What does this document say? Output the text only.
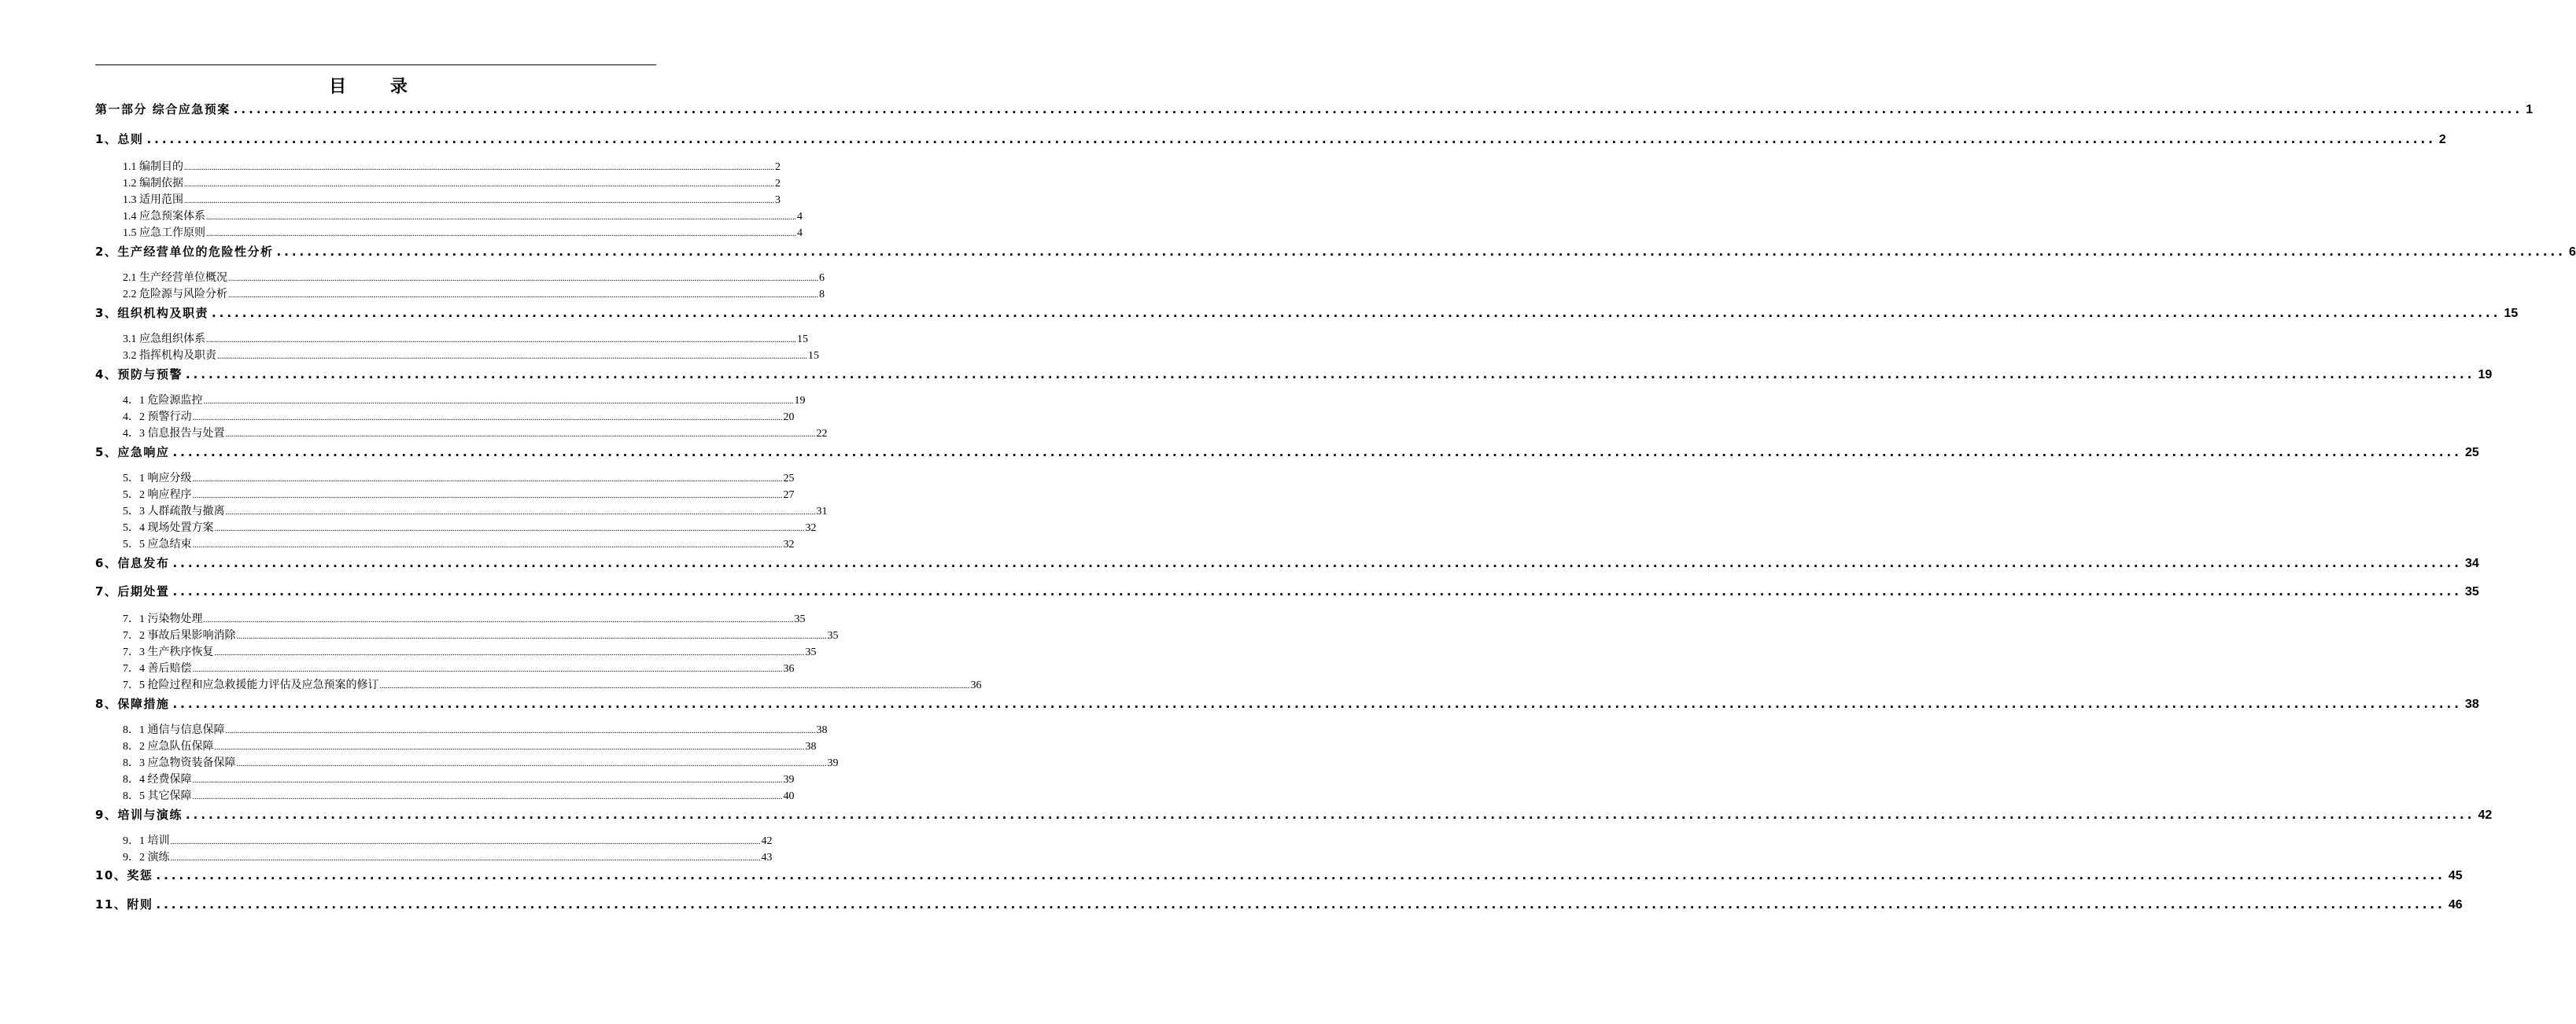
目 录
第一部分 综合应急预案 ............................................................................................................................................................................................................................................................................................................ 1
1、总则 ............................................................................................................................................................................................................................................................................................................ 2
1.1 编制目的 ............................................................................................................................................................................................................................................................................................................ 2
1.2 编制依据 ............................................................................................................................................................................................................................................................................................................ 2
1.3 适用范围 ............................................................................................................................................................................................................................................................................................................ 3
1.4 应急预案体系 ............................................................................................................................................................................................................................................................................................................ 4
1.5 应急工作原则 ............................................................................................................................................................................................................................................................................................................ 4
2、生产经营单位的危险性分析 ............................................................................................................................................................................................................................................................................................................ 6
2.1 生产经营单位概况 ............................................................................................................................................................................................................................................................................................................ 6
2.2 危险源与风险分析 ............................................................................................................................................................................................................................................................................................................ 8
3、组织机构及职责 ............................................................................................................................................................................................................................................................................................................ 15
3.1 应急组织体系 ............................................................................................................................................................................................................................................................................................................ 15
3.2 指挥机构及职责 ............................................................................................................................................................................................................................................................................................................ 15
4、预防与预警 ............................................................................................................................................................................................................................................................................................................ 19
4．1 危险源监控 ............................................................................................................................................................................................................................................................................................................ 19
4．2 预警行动 ............................................................................................................................................................................................................................................................................................................ 20
4．3 信息报告与处置 ............................................................................................................................................................................................................................................................................................................ 22
5、应急响应 ............................................................................................................................................................................................................................................................................................................ 25
5．1 响应分级 ............................................................................................................................................................................................................................................................................................................ 25
5．2 响应程序 ............................................................................................................................................................................................................................................................................................................ 27
5．3 人群疏散与撤离 ............................................................................................................................................................................................................................................................................................................ 31
5．4 现场处置方案 ............................................................................................................................................................................................................................................................................................................ 32
5．5 应急结束 ............................................................................................................................................................................................................................................................................................................ 32
6、信息发布 ............................................................................................................................................................................................................................................................................................................ 34
7、后期处置 ............................................................................................................................................................................................................................................................................................................ 35
7．1 污染物处理 ............................................................................................................................................................................................................................................................................................................ 35
7．2 事故后果影响消除 ............................................................................................................................................................................................................................................................................................................ 35
7．3 生产秩序恢复 ............................................................................................................................................................................................................................................................................................................ 35
7．4 善后赔偿 ............................................................................................................................................................................................................................................................................................................ 36
7．5 抢险过程和应急救援能力评估及应急预案的修订 ............................................................................................................................................................................................................................................................................................................ 36
8、保障措施 ............................................................................................................................................................................................................................................................................................................ 38
8．1 通信与信息保障 ............................................................................................................................................................................................................................................................................................................ 38
8．2 应急队伍保障 ............................................................................................................................................................................................................................................................................................................ 38
8．3 应急物资装备保障 ............................................................................................................................................................................................................................................................................................................ 39
8．4 经费保障 ............................................................................................................................................................................................................................................................................................................ 39
8．5 其它保障 ............................................................................................................................................................................................................................................................................................................ 40
9、培训与演练 ............................................................................................................................................................................................................................................................................................................ 42
9．1 培训 ............................................................................................................................................................................................................................................................................................................ 42
9．2 演练 ............................................................................................................................................................................................................................................................................................................ 43
10、奖惩 ............................................................................................................................................................................................................................................................................................................ 45
11、附则 ............................................................................................................................................................................................................................................................................................................ 46
